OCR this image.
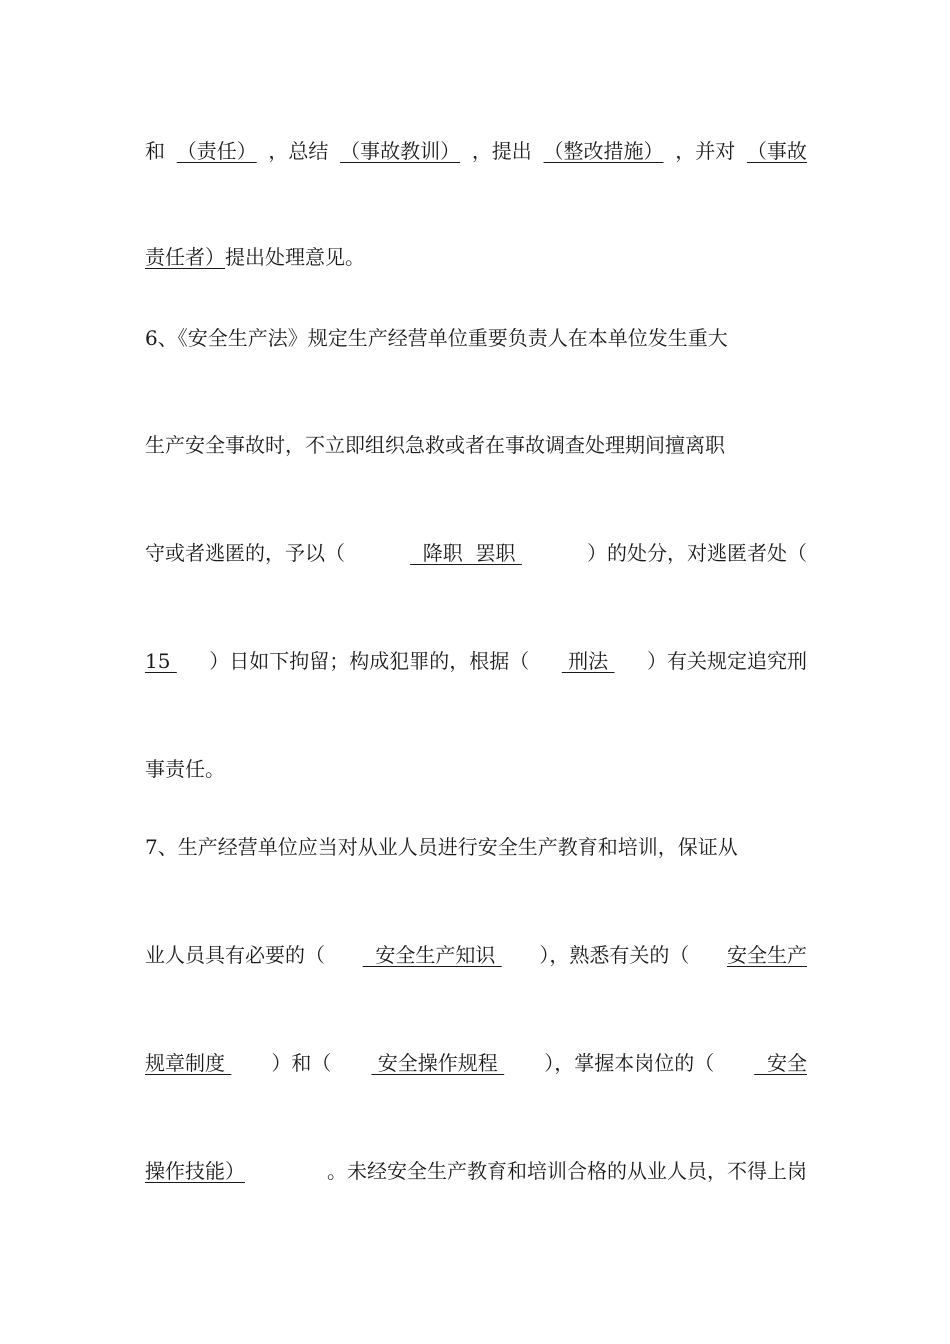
和 （责任） ，总结 （事故教训） ，提出 （整改措施） ，并对 （事故
责任者）提出处理意见。
6、《安全生产法》规定生产经营单位重要负责人在本单位发生重大
生产安全事故时，不立即组织急救或者在事故调查处理期间擅离职
守或者逃匿的，予以（	降职  罢职	）的处分，对逃匿者处（
15 ）日如下拘留；构成犯罪的，根据（ 刑法 ）有关规定追究刑
事责任。
7、生产经营单位应当对从业人员进行安全生产教育和培训，保证从
业人员具有必要的（ 安全生产知识 ），熟悉有关的（ 安全生产
规章制度 ）和（ 安全操作规程 ），掌握本岗位的（ 安全
操作技能）	。未经安全生产教育和培训合格的从业人员，不得上岗
